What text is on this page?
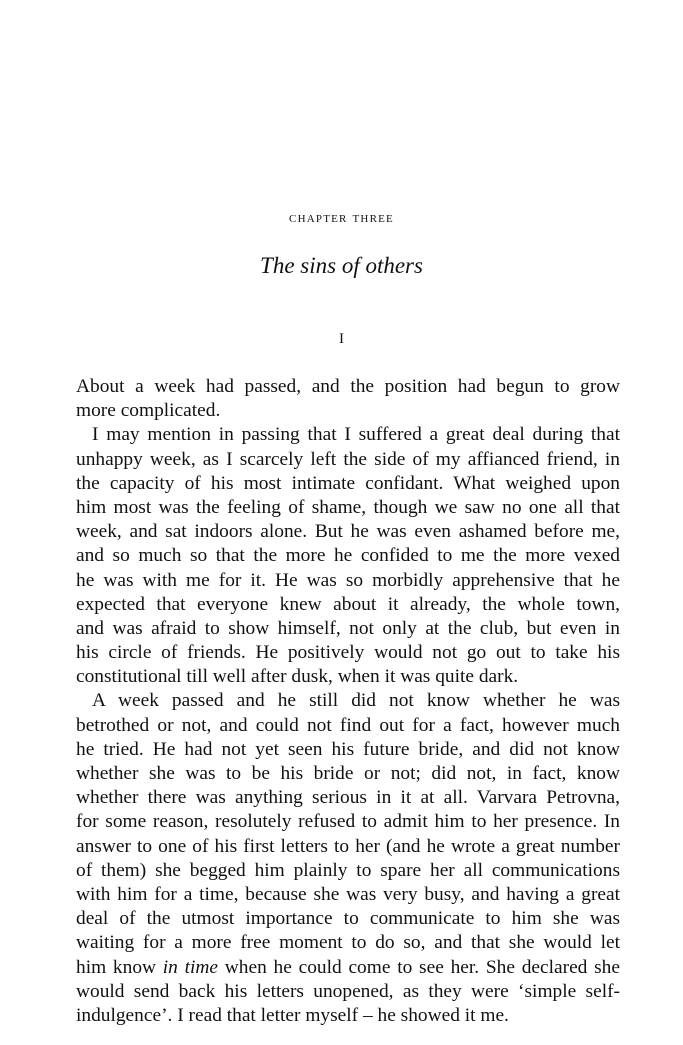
chapter three
The sins of others
I
About a week had passed, and the position had begun to grow
more complicated.
I may mention in passing that I suffered a great deal during that
unhappy week, as I scarcely left the side of my affianced friend, in
the capacity of his most intimate confidant. What weighed upon
him most was the feeling of shame, though we saw no one all that
week, and sat indoors alone. But he was even ashamed before me,
and so much so that the more he confided to me the more vexed
he was with me for it. He was so morbidly apprehensive that he
expected that everyone knew about it already, the whole town,
and was afraid to show himself, not only at the club, but even in
his circle of friends. He positively would not go out to take his
constitutional till well after dusk, when it was quite dark.
A week passed and he still did not know whether he was
betrothed or not, and could not find out for a fact, however much
he tried. He had not yet seen his future bride, and did not know
whether she was to be his bride or not; did not, in fact, know
whether there was anything serious in it at all. Varvara Petrovna,
for some reason, resolutely refused to admit him to her presence. In
answer to one of his first letters to her (and he wrote a great number
of them) she begged him plainly to spare her all communications
with him for a time, because she was very busy, and having a great
deal of the utmost importance to communicate to him she was
waiting for a more free moment to do so, and that she would let
him know in time when he could come to see her. She declared she
would send back his letters unopened, as they were ‘simple self-
indulgence’. I read that letter myself – he showed it me.
